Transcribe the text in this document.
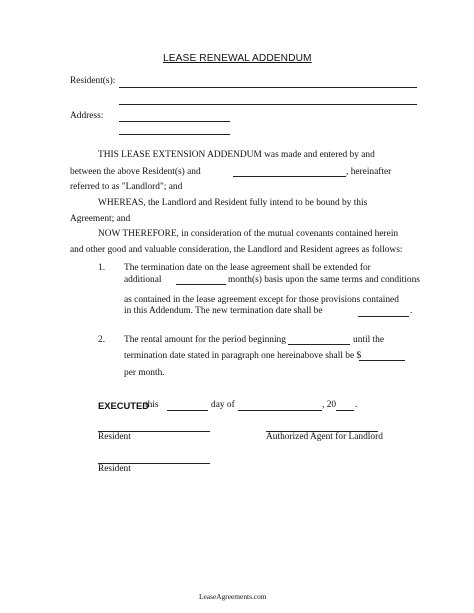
LEASE RENEWAL ADDENDUM
Resident(s):
Address:
THIS LEASE EXTENSION ADDENDUM was made and entered by and
between the above Resident(s) and	, hereinafter
referred to as "Landlord"; and
WHEREAS, the Landlord and Resident fully intend to be bound by this
Agreement; and
NOW THEREFORE, in consideration of the mutual covenants contained herein
and other good and valuable consideration, the Landlord and Resident agrees as follows:
1. The termination date on the lease agreement shall be extended for
additional	month(s) basis upon the same terms and conditions
as contained in the lease agreement except for those provisions contained
in this Addendum. The new termination date shall be	.
2. The rental amount for the period beginning	until the
termination date stated in paragraph one hereinabove shall be $
per month.
EXECUTED
this	day of	, 20 .
Resident	Authorized Agent for Landlord
Resident
LeaseAgreements.com
